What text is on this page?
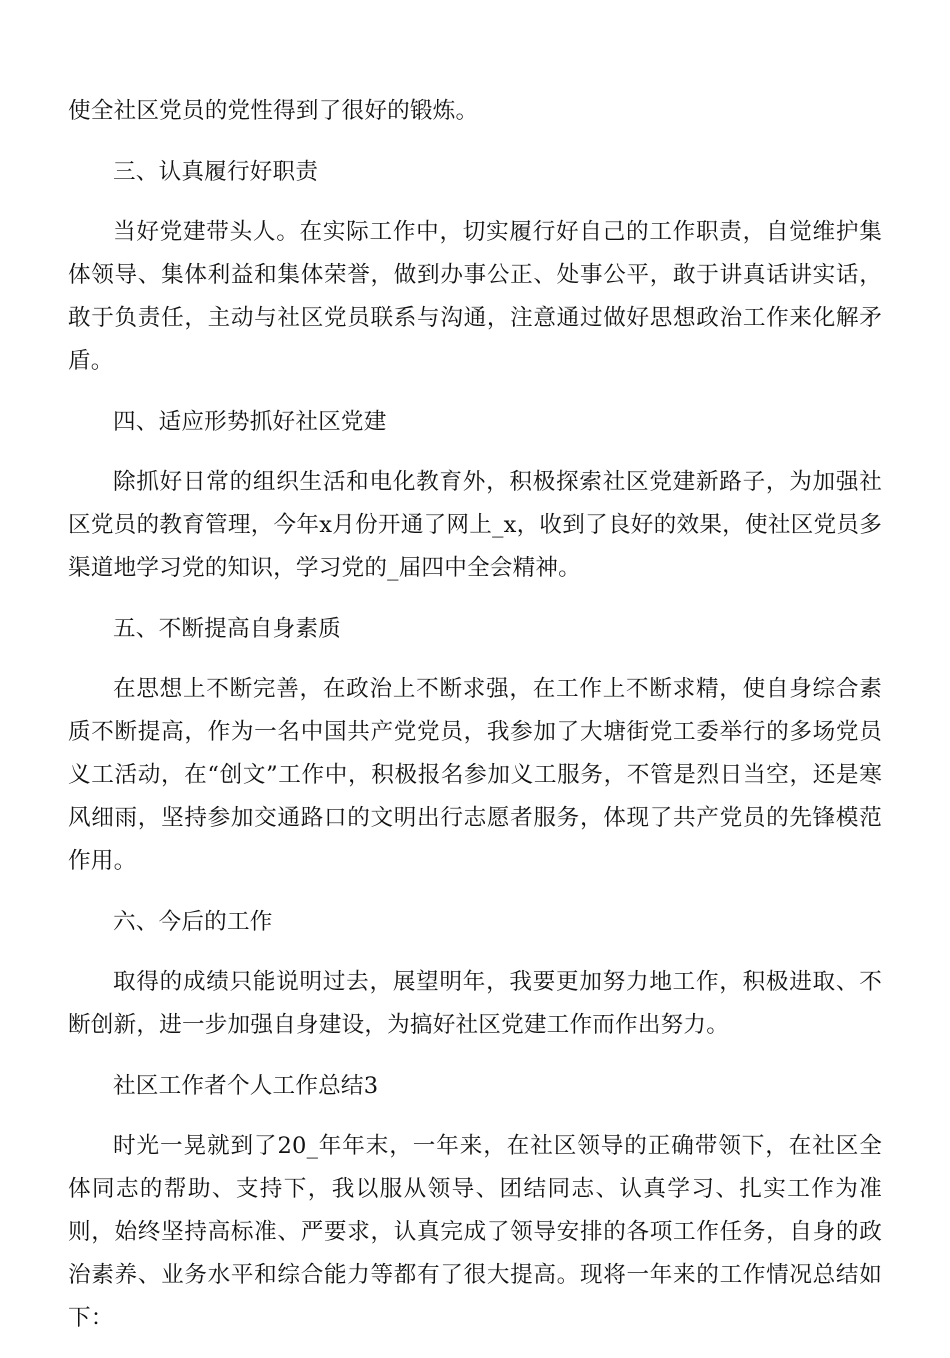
使全社区党员的党性得到了很好的锻炼。

三、认真履行好职责

当好党建带头人。在实际工作中，切实履行好自己的工作职责，自觉维护集体领导、集体利益和集体荣誉，做到办事公正、处事公平，敢于讲真话讲实话，敢于负责任，主动与社区党员联系与沟通，注意通过做好思想政治工作来化解矛盾。

四、适应形势抓好社区党建

除抓好日常的组织生活和电化教育外，积极探索社区党建新路子，为加强社区党员的教育管理，今年x月份开通了网上_x，收到了良好的效果，使社区党员多渠道地学习党的知识，学习党的_届四中全会精神。

五、不断提高自身素质

在思想上不断完善，在政治上不断求强，在工作上不断求精，使自身综合素质不断提高，作为一名中国共产党党员，我参加了大塘街党工委举行的多场党员义工活动，在“创文”工作中，积极报名参加义工服务，不管是烈日当空，还是寒风细雨，坚持参加交通路口的文明出行志愿者服务，体现了共产党员的先锋模范作用。

六、今后的工作

取得的成绩只能说明过去，展望明年，我要更加努力地工作，积极进取、不断创新，进一步加强自身建设，为搞好社区党建工作而作出努力。

社区工作者个人工作总结3

时光一晃就到了20_年年末，一年来，在社区领导的正确带领下，在社区全体同志的帮助、支持下，我以服从领导、团结同志、认真学习、扎实工作为准则，始终坚持高标准、严要求，认真完成了领导安排的各项工作任务，自身的政治素养、业务水平和综合能力等都有了很大提高。现将一年来的工作情况总结如下：
